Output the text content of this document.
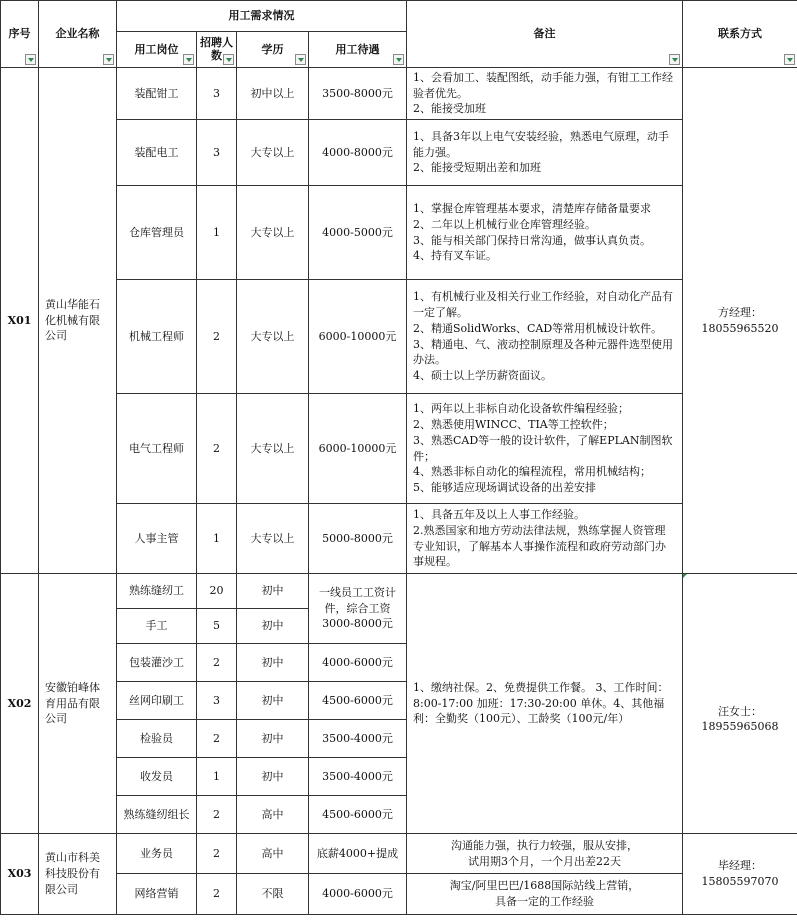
序号	企业名称	用工需求情况				备注	联系方式

		用工岗位	招聘人数	学历	用工待遇		

X01	黄山华能石化机械有限公司	装配钳工	3	初中以上	3500-8000元	1、会看加工、装配图纸，动手能力强，有钳工工作经验者优先。
2、能接受加班	方经理：
18055965520
		装配电工	3	大专以上	4000-8000元	1、具备3年以上电气安装经验，熟悉电气原理，动手能力强。
2、能接受短期出差和加班	
		仓库管理员	1	大专以上	4000-5000元	1、掌握仓库管理基本要求，清楚库存储备量要求
2、二年以上机械行业仓库管理经验。
3、能与相关部门保持日常沟通，做事认真负责。
4、持有叉车证。	
		机械工程师	2	大专以上	6000-10000元	1、有机械行业及相关行业工作经验，对自动化产品有一定了解。
2、精通SolidWorks、CAD等常用机械设计软件。
3、精通电、气、液动控制原理及各种元器件选型使用办法。
4、硕士以上学历薪资面议。	
		电气工程师	2	大专以上	6000-10000元	1、两年以上非标自动化设备软件编程经验；
2、熟悉使用WINCC、TIA等工控软件；
3、熟悉CAD等一般的设计软件，了解EPLAN制图软件；
4、熟悉非标自动化的编程流程，常用机械结构；
5、能够适应现场调试设备的出差安排	
		人事主管	1	大专以上	5000-8000元	1、具备五年及以上人事工作经验。
2.熟悉国家和地方劳动法律法规，熟练掌握人资管理专业知识，了解基本人事操作流程和政府劳动部门办事规程。	
X02	安徽铂峰体育用品有限公司	熟练缝纫工	20	初中	一线员工工资计件，综合工资3000-8000元	1、缴纳社保。2、免费提供工作餐。 3、工作时间：8:00-17:00 加班：17:30-20:00 单休。4、其他福利：全勤奖（100元）、工龄奖（100元/年）	汪女士：
18955965068

		手工	5	初中			
		包装灌沙工	2	初中	4000-6000元		
		丝网印刷工	3	初中	4500-6000元		
		检验员	2	初中	3500-4000元		
		收发员	1	初中	3500-4000元		
		熟练缝纫组长	2	高中	4500-6000元		
X03	黄山市科美科技股份有限公司	业务员	2	高中	底薪4000+提成	沟通能力强，执行力较强，服从安排，
试用期3个月，一个月出差22天	毕经理：
15805597070
		网络营销	2	不限	4000-6000元	淘宝/阿里巴巴/1688国际站线上营销，
具备一定的工作经验	
